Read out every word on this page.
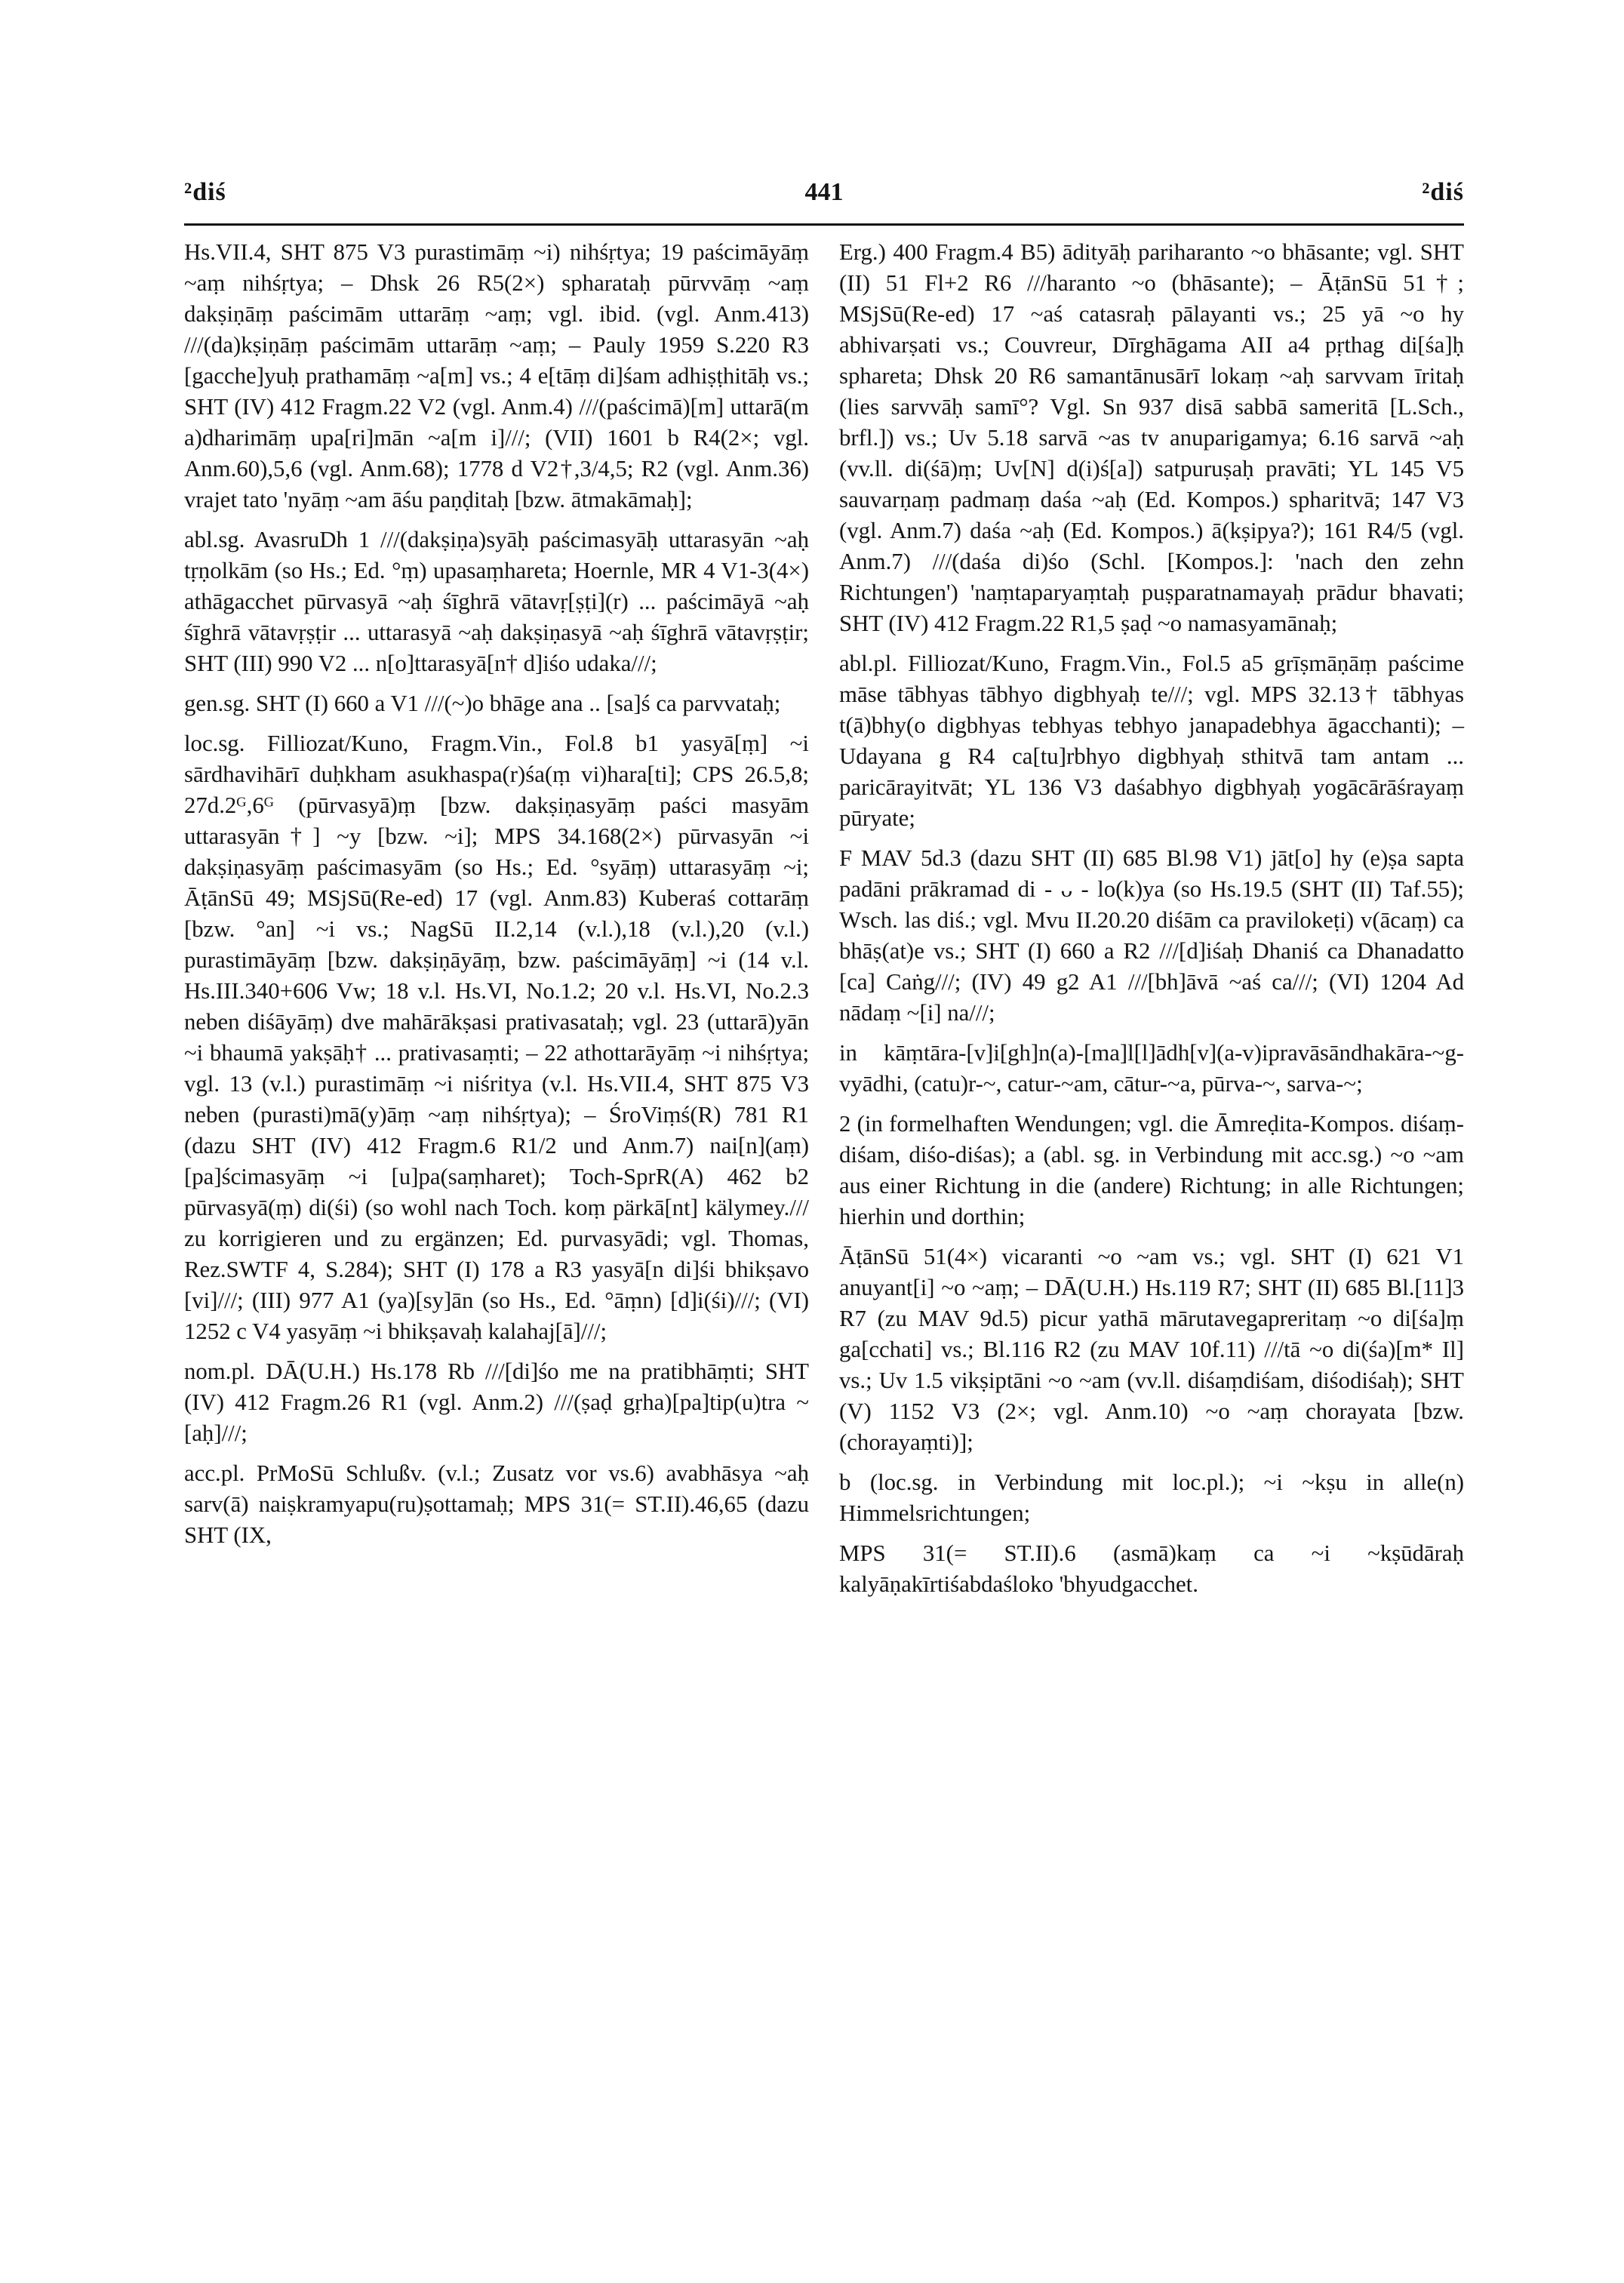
²diś	441	²diś

Hs.VII.4, SHT 875 V3 purastimāṃ ~i) nihśṛtya; 19 paścimāyāṃ ~aṃ nihśṛtya; – Dhsk 26 R5(2×) spharataḥ pūrvvāṃ ~aṃ dakṣiṇāṃ paścimām uttarāṃ ~aṃ; vgl. ibid. (vgl. Anm.413) ///(da)kṣiṇāṃ paścimām uttarāṃ ~aṃ; – Pauly 1959 S.220 R3 [gacche]yuḥ prathamāṃ ~a[m] vs.; 4 e[tāṃ di]śam adhiṣṭhitāḥ vs.; SHT (IV) 412 Fragm.22 V2 (vgl. Anm.4) ///(paścimā)[m] uttarā(m a)dharimāṃ upa[ri]mān ~a[m i]///; (VII) 1601 b R4(2×; vgl. Anm.60),5,6 (vgl. Anm.68); 1778 d V2†,3/4,5; R2 (vgl. Anm.36) vrajet tato 'nyāṃ ~am āśu paṇḍitaḥ [bzw. ātmakāmaḥ];

abl.sg. AvasruDh 1 ///(dakṣiṇa)syāḥ paścimasyāḥ uttarasyān ~aḥ tṛṇolkām (so Hs.; Ed. °ṃ) upasaṃhareta; Hoernle, MR 4 V1-3(4×) athāgacchet pūrvasyā ~aḥ śīghrā vātavṛ[ṣṭi](r) ... paścimāyā ~aḥ śīghrā vātavṛṣṭir ... uttarasyā ~aḥ dakṣiṇasyā ~aḥ śīghrā vātavṛṣṭir; SHT (III) 990 V2 ... n[o]ttarasyā[n† d]iśo udaka///;

gen.sg. SHT (I) 660 a V1 ///(~)o bhāge ana .. [sa]ś ca parvvataḥ;

loc.sg. Filliozat/Kuno, Fragm.Vin., Fol.8 b1 yasyā[ṃ] ~i sārdhavihārī duḥkham asukhaspa(r)śa(ṃ vi)hara[ti]; CPS 26.5,8; 27d.2ᴳ,6ᴳ (pūrvasyā)ṃ [bzw. dakṣiṇasyāṃ paści masyām uttarasyān†] ~y [bzw. ~i]; MPS 34.168(2×) pūrvasyān ~i dakṣiṇasyāṃ paścimasyām (so Hs.; Ed. °syāṃ) uttarasyāṃ ~i; ĀṭānSū 49; MSjSū(Re-ed) 17 (vgl. Anm.83) Kuberaś cottarāṃ [bzw. °an] ~i vs.; NagSū II.2,14 (v.l.),18 (v.l.),20 (v.l.) purastimāyāṃ [bzw. dakṣiṇāyāṃ, bzw. paścimāyāṃ] ~i (14 v.l. Hs.III.340+606 Vw; 18 v.l. Hs.VI, No.1.2; 20 v.l. Hs.VI, No.2.3 neben diśāyāṃ) dve mahārākṣasi prativasataḥ; vgl. 23 (uttarā)yān ~i bhaumā yakṣāḥ† ... prativasaṃti; – 22 athottarāyāṃ ~i nihśṛtya; vgl. 13 (v.l.) purastimāṃ ~i niśritya (v.l. Hs.VII.4, SHT 875 V3 neben (purasti)mā(y)āṃ ~aṃ nihśṛtya); – ŚroViṃś(R) 781 R1 (dazu SHT (IV) 412 Fragm.6 R1/2 und Anm.7) nai[n](aṃ) [pa]ścimasyāṃ ~i [u]pa(saṃharet); Toch-SprR(A) 462 b2 pūrvasyā(ṃ) di(śi) (so wohl nach Toch. koṃ pärkā[nt] kälymey./// zu korrigieren und zu ergänzen; Ed. purvasyādi; vgl. Thomas, Rez.SWTF 4, S.284); SHT (I) 178 a R3 yasyā[n di]śi bhikṣavo [vi]///; (III) 977 A1 (ya)[sy]ān (so Hs., Ed. °āṃn) [d]i(śi)///; (VI) 1252 c V4 yasyāṃ ~i bhikṣavaḥ kalahaj[ā]///;

nom.pl. DĀ(U.H.) Hs.178 Rb ///[di]śo me na pratibhāṃti; SHT (IV) 412 Fragm.26 R1 (vgl. Anm.2) ///(ṣaḍ gṛha)[pa]tip(u)tra ~[aḥ]///;

acc.pl. PrMoSū Schlußv. (v.l.; Zusatz vor vs.6) avabhāsya ~aḥ sarv(ā) naiṣkramyapu(ru)ṣottamaḥ; MPS 31(= ST.II).46,65 (dazu SHT (IX,

Erg.) 400 Fragm.4 B5) ādityāḥ pariharanto ~o bhāsante; vgl. SHT (II) 51 Fl+2 R6 ///haranto ~o (bhāsante); – ĀṭānSū 51†; MSjSū(Re-ed) 17 ~aś catasraḥ pālayanti vs.; 25 yā ~o hy abhivarṣati vs.; Couvreur, Dīrghāgama AII a4 pṛthag di[śa]ḥ sphareta; Dhsk 20 R6 samantānusārī lokaṃ ~aḥ sarvvam īritaḥ (lies sarvvāḥ samī°? Vgl. Sn 937 disā sabbā sameritā [L.Sch., brfl.]) vs.; Uv 5.18 sarvā ~as tv anuparigamya; 6.16 sarvā ~aḥ (vv.ll. di(śā)ṃ; Uv[N] d(i)ś[a]) satpuruṣaḥ pravāti; YL 145 V5 sauvarṇaṃ padmaṃ daśa ~aḥ (Ed. Kompos.) spharitvā; 147 V3 (vgl. Anm.7) daśa ~aḥ (Ed. Kompos.) ā(kṣipya?); 161 R4/5 (vgl. Anm.7) ///(daśa di)śo (Schl. [Kompos.]: 'nach den zehn Richtungen') 'naṃtaparyaṃtaḥ puṣparatnamayaḥ prādur bhavati; SHT (IV) 412 Fragm.22 R1,5 ṣaḍ ~o namasyamānaḥ;

abl.pl. Filliozat/Kuno, Fragm.Vin., Fol.5 a5 grīṣmāṇāṃ paścime māse tābhyas tābhyo digbhyaḥ te///; vgl. MPS 32.13† tābhyas t(ā)bhy(o digbhyas tebhyas tebhyo janapadebhya āgacchanti); – Udayana g R4 ca[tu]rbhyo digbhyaḥ sthitvā tam antam ... paricārayitvāt; YL 136 V3 daśabhyo digbhyaḥ yogācārāśrayaṃ pūryate;

F MAV 5d.3 (dazu SHT (II) 685 Bl.98 V1) jāt[o] hy (e)ṣa sapta padāni prākramad di - ᴗ - lo(k)ya (so Hs.19.5 (SHT (II) Taf.55); Wsch. las diś.; vgl. Mvu II.20.20 diśām ca pravilokeṭi) v(ācaṃ) ca bhāṣ(at)e vs.; SHT (I) 660 a R2 ///[d]iśaḥ Dhaniś ca Dhanadatto [ca] Caṅg///; (IV) 49 g2 A1 ///[bh]āvā ~aś ca///; (VI) 1204 Ad nādaṃ ~[i] na///;

in kāṃtāra-[v]i[gh]n(a)-[ma]l[l]ādh[v](a-v)ipravāsāndhakāra-~g-vyādhi, (catu)r-~, catur-~am, cātur-~a, pūrva-~, sarva-~;

2 (in formelhaften Wendungen; vgl. die Āmreḍita-Kompos. diśaṃ-diśam, diśo-diśas); a (abl. sg. in Verbindung mit acc.sg.) ~o ~am aus einer Richtung in die (andere) Richtung; in alle Richtungen; hierhin und dorthin;

ĀṭānSū 51(4×) vicaranti ~o ~am vs.; vgl. SHT (I) 621 V1 anuyant[i] ~o ~aṃ; – DĀ(U.H.) Hs.119 R7; SHT (II) 685 Bl.[11]3 R7 (zu MAV 9d.5) picur yathā mārutavegapreritaṃ ~o di[śa]ṃ ga[cchati] vs.; Bl.116 R2 (zu MAV 10f.11) ///tā ~o di(śa)[m* Il] vs.; Uv 1.5 vikṣiptāni ~o ~am (vv.ll. diśaṃdiśam, diśodiśaḥ); SHT (V) 1152 V3 (2×; vgl. Anm.10) ~o ~aṃ chorayata [bzw. (chorayaṃti)];

b (loc.sg. in Verbindung mit loc.pl.); ~i ~kṣu in alle(n) Himmelsrichtungen;

MPS 31(= ST.II).6 (asmā)kaṃ ca ~i ~kṣūdāraḥ kalyāṇakīrtiśabdaśloko 'bhyudgacchet.
